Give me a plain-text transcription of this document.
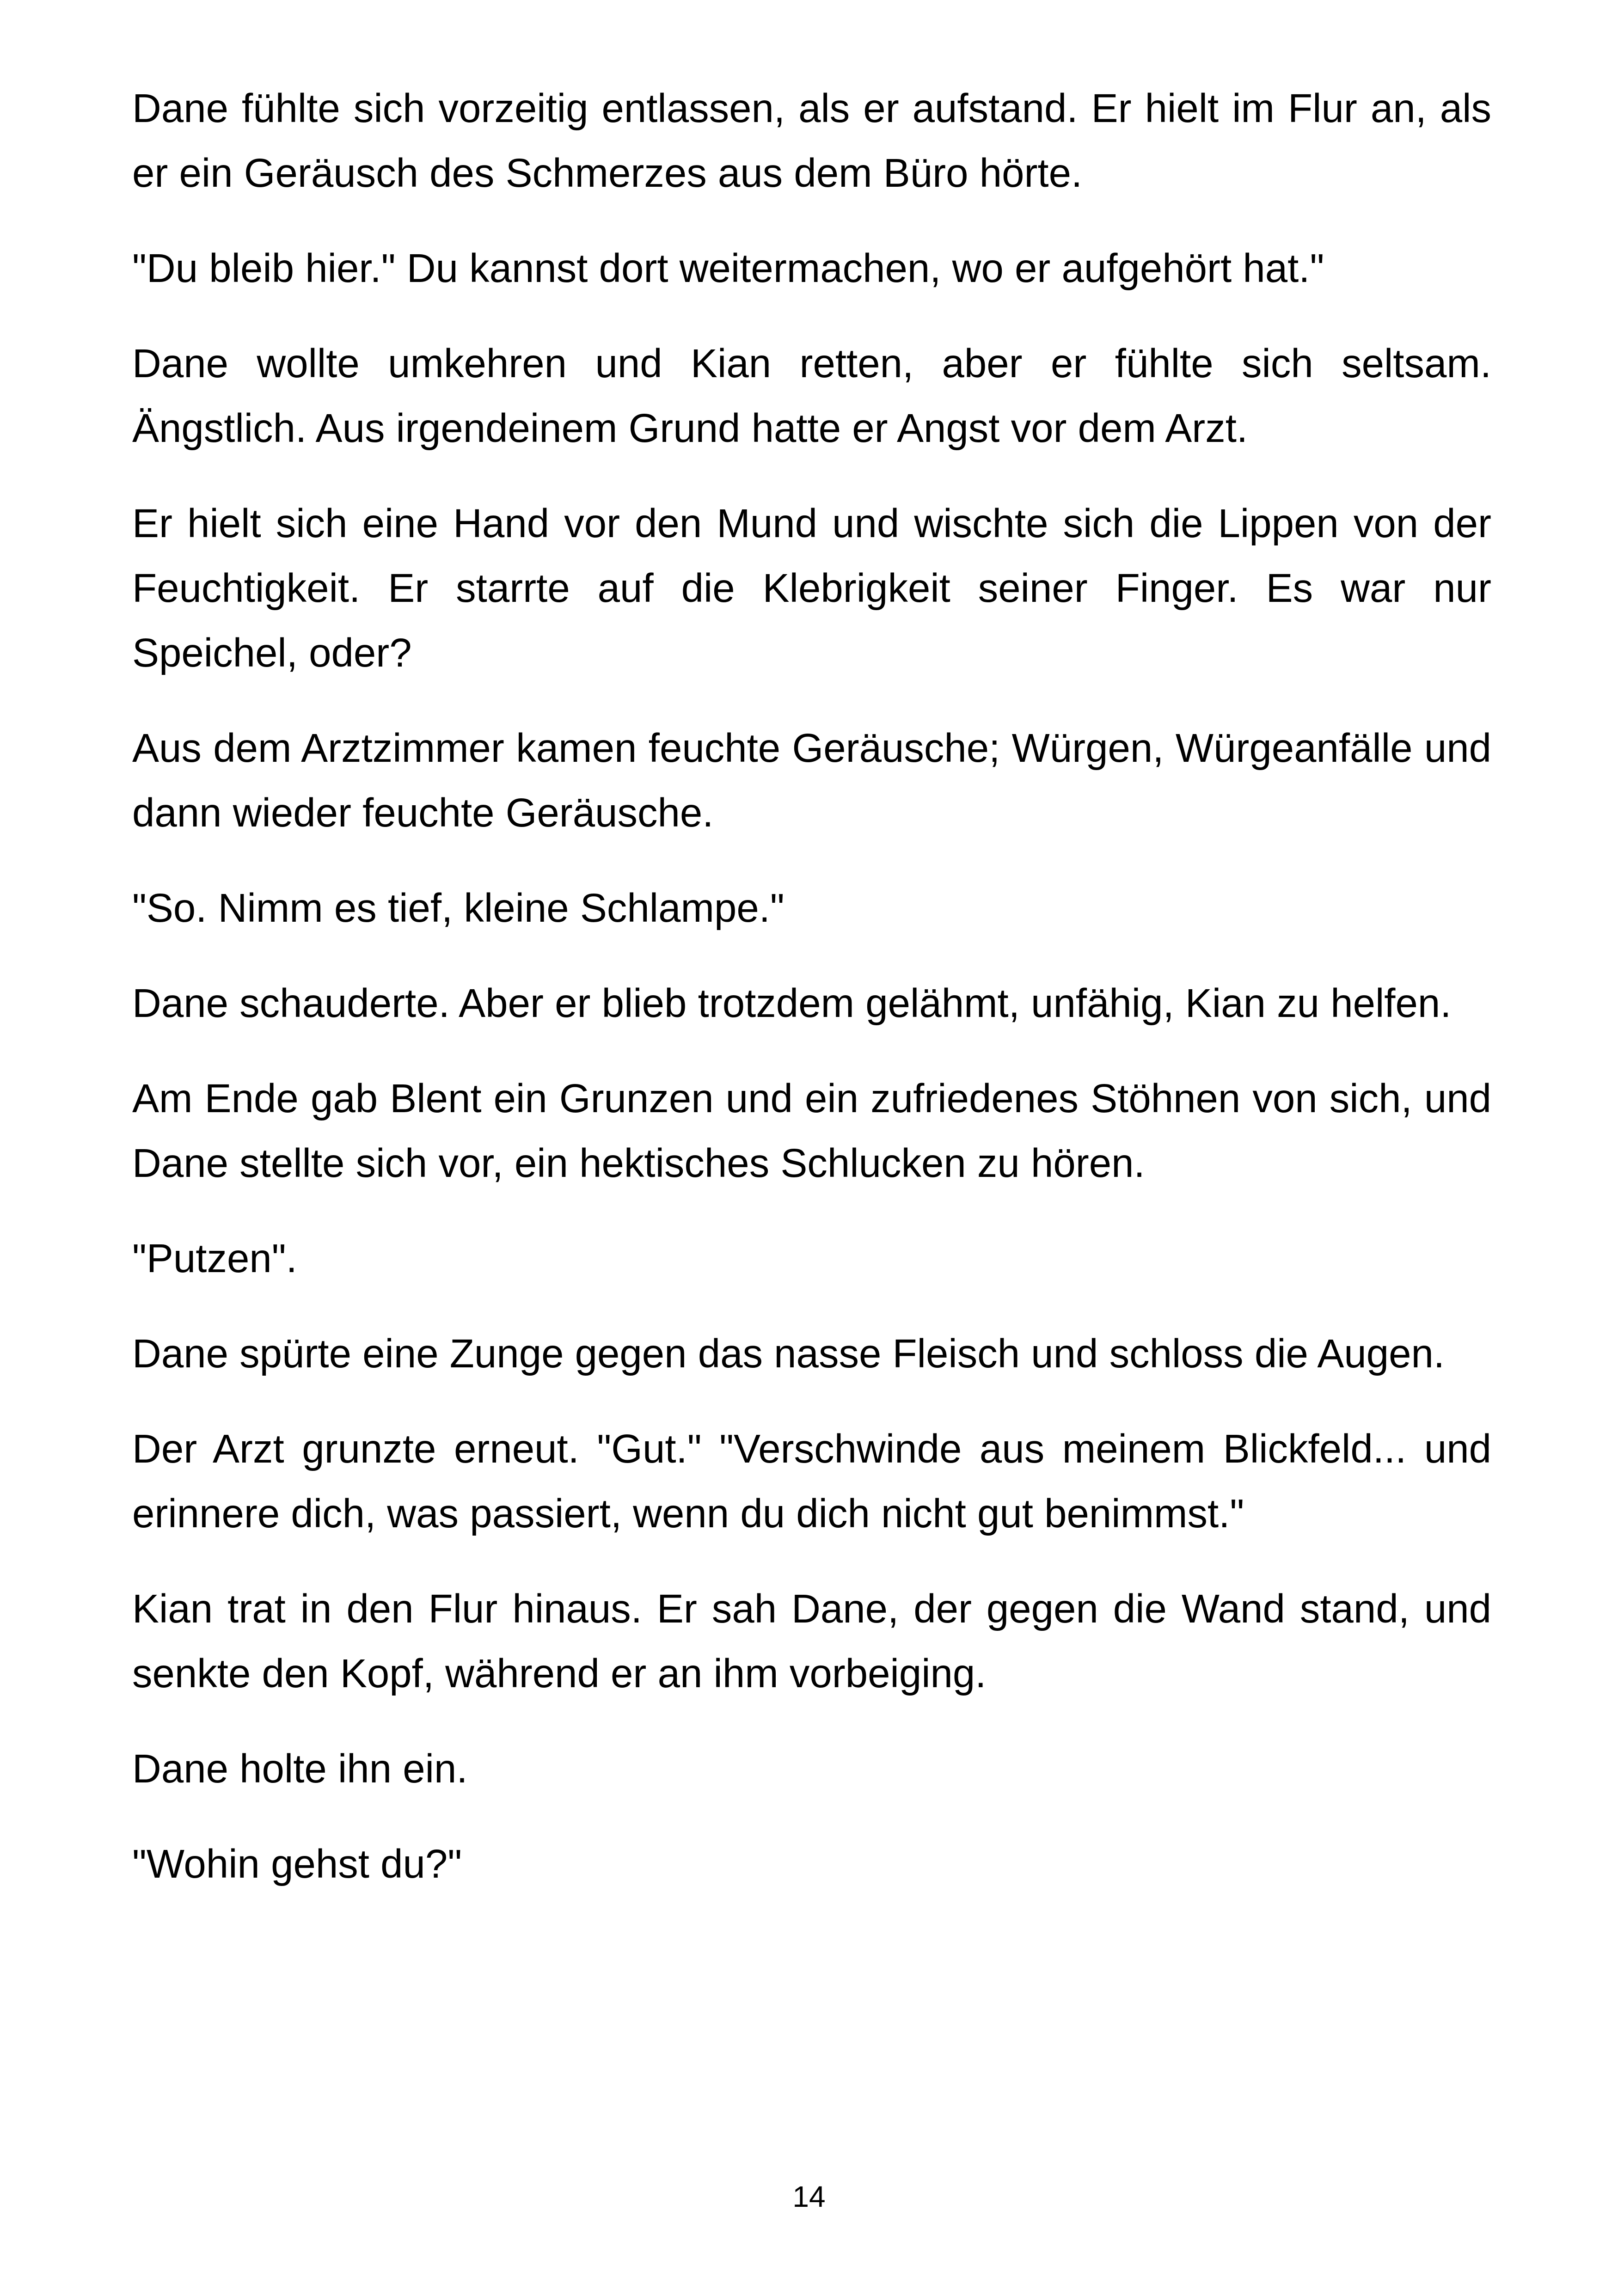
Dane fühlte sich vorzeitig entlassen, als er aufstand. Er hielt im Flur an, als er ein Geräusch des Schmerzes aus dem Büro hörte.

"Du bleib hier." Du kannst dort weitermachen, wo er aufgehört hat."

Dane wollte umkehren und Kian retten, aber er fühlte sich seltsam. Ängstlich. Aus irgendeinem Grund hatte er Angst vor dem Arzt.

Er hielt sich eine Hand vor den Mund und wischte sich die Lippen von der Feuchtigkeit. Er starrte auf die Klebrigkeit seiner Finger. Es war nur Speichel, oder?

Aus dem Arztzimmer kamen feuchte Geräusche; Würgen, Würgeanfälle und dann wieder feuchte Geräusche.

"So. Nimm es tief, kleine Schlampe."

Dane schauderte. Aber er blieb trotzdem gelähmt, unfähig, Kian zu helfen.

Am Ende gab Blent ein Grunzen und ein zufriedenes Stöhnen von sich, und Dane stellte sich vor, ein hektisches Schlucken zu hören.

"Putzen".

Dane spürte eine Zunge gegen das nasse Fleisch und schloss die Augen.

Der Arzt grunzte erneut. "Gut." "Verschwinde aus meinem Blickfeld... und erinnere dich, was passiert, wenn du dich nicht gut benimmst."

Kian trat in den Flur hinaus. Er sah Dane, der gegen die Wand stand, und senkte den Kopf, während er an ihm vorbeiging.

Dane holte ihn ein.

"Wohin gehst du?"

14
